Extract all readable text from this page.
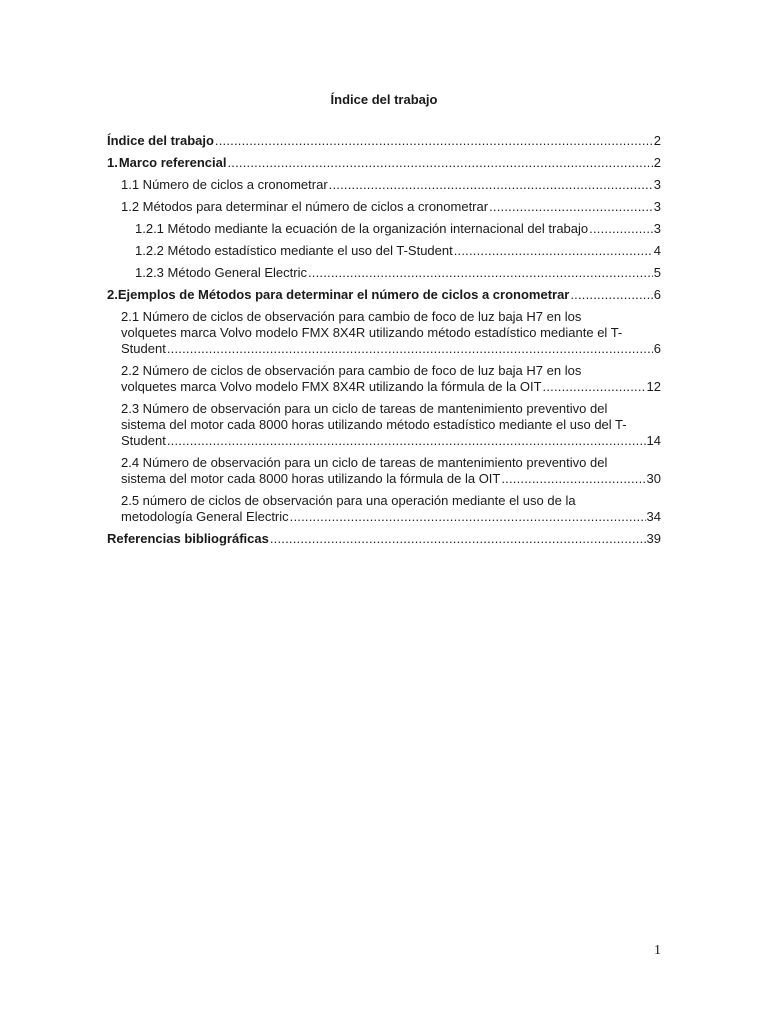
Índice del trabajo
Índice del trabajo .....	2
1. Marco referencial .....	2
1.1 Número de ciclos a cronometrar .....	3
1.2 Métodos para determinar el número de ciclos a cronometrar .....	3
1.2.1 Método mediante la ecuación de la organización internacional del trabajo .....	3
1.2.2 Método estadístico mediante el uso del T-Student .....	4
1.2.3 Método General Electric .....	5
2. Ejemplos de Métodos para determinar el número de ciclos a cronometrar .....	6
2.1 Número de ciclos de observación para cambio de foco de luz baja H7 en los
volquetes marca Volvo modelo FMX 8X4R utilizando método estadístico mediante el T-
Student .....	6
2.2 Número de ciclos de observación para cambio de foco de luz baja H7 en los
volquetes marca Volvo modelo FMX 8X4R utilizando la fórmula de la OIT .....	12
2.3 Número de observación para un ciclo de tareas de mantenimiento preventivo del
sistema del motor cada 8000 horas utilizando método estadístico mediante el uso del T-
Student .....	14
2.4 Número de observación para un ciclo de tareas de mantenimiento preventivo del
sistema del motor cada 8000 horas utilizando la fórmula de la OIT .....	30
2.5 número de ciclos de observación para una operación mediante el uso de la
metodología General Electric .....	34
Referencias bibliográficas .....	39
1
